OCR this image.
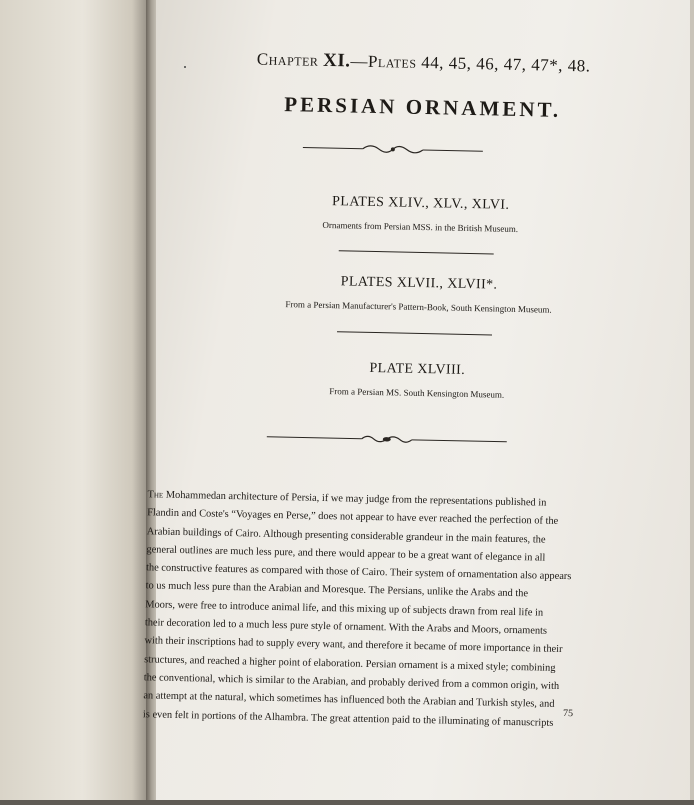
Chapter XI.—Plates 44, 45, 46, 47, 47*, 48.
PERSIAN ORNAMENT.
PLATES XLIV., XLV., XLVI.
Ornaments from Persian MSS. in the British Museum.
PLATES XLVII., XLVII*.
From a Persian Manufacturer's Pattern-Book, South Kensington Museum.
PLATE XLVIII.
From a Persian MS. South Kensington Museum.
The Mohammedan architecture of Persia, if we may judge from the representations published in
Flandin and Coste's “Voyages en Perse,” does not appear to have ever reached the perfection of the
Arabian buildings of Cairo. Although presenting considerable grandeur in the main features, the
general outlines are much less pure, and there would appear to be a great want of elegance in all
the constructive features as compared with those of Cairo. Their system of ornamentation also appears
to us much less pure than the Arabian and Moresque. The Persians, unlike the Arabs and the
Moors, were free to introduce animal life, and this mixing up of subjects drawn from real life in
their decoration led to a much less pure style of ornament. With the Arabs and Moors, ornaments
with their inscriptions had to supply every want, and therefore it became of more importance in their
structures, and reached a higher point of elaboration. Persian ornament is a mixed style; combining
the conventional, which is similar to the Arabian, and probably derived from a common origin, with
an attempt at the natural, which sometimes has influenced both the Arabian and Turkish styles, and
is even felt in portions of the Alhambra. The great attention paid to the illuminating of manuscripts 75
